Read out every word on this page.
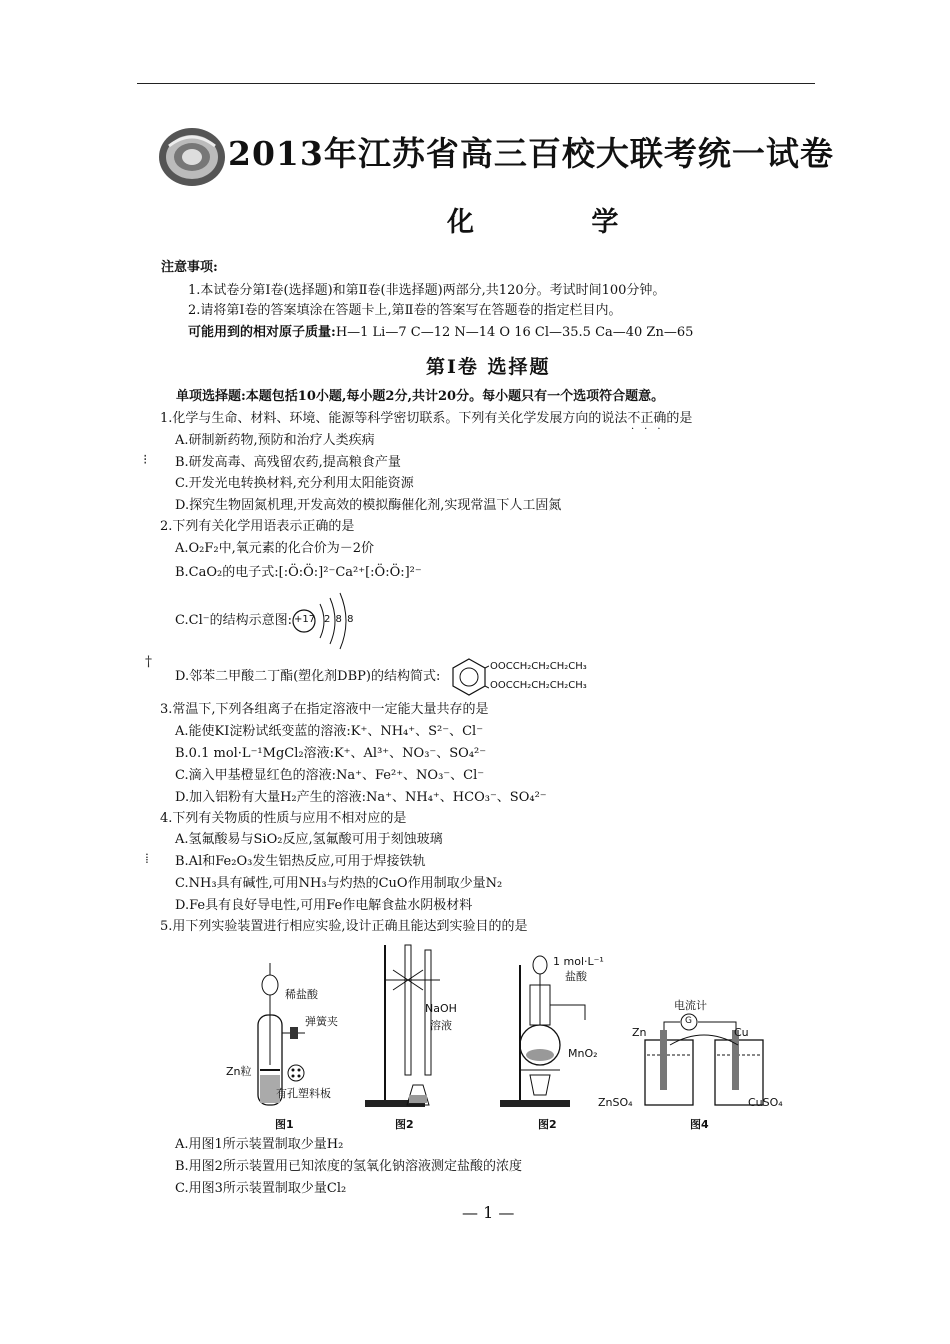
2013年江苏省高三百校大联考统一试卷
化 学
注意事项:
1.本试卷分第Ⅰ卷(选择题)和第Ⅱ卷(非选择题)两部分,共120分。考试时间100分钟。
2.请将第Ⅰ卷的答案填涂在答题卡上,第Ⅱ卷的答案写在答题卷的指定栏目内。
可能用到的相对原子质量:H—1 Li—7 C—12 N—14 O 16 Cl—35.5 Ca—40 Zn—65
第Ⅰ卷 选择题
单项选择题:本题包括10小题,每小题2分,共计20分。每小题只有一个选项符合题意。
1.化学与生命、材料、环境、能源等科学密切联系。下列有关化学发展方向的说法不正确的是
···
A.研制新药物,预防和治疗人类疾病
⁝ B.研发高毒、高残留农药,提高粮食产量
C.开发光电转换材料,充分利用太阳能资源
D.探究生物固氮机理,开发高效的模拟酶催化剂,实现常温下人工固氮
2.下列有关化学用语表示正确的是
A.O₂F₂中,氧元素的化合价为－2价
B.CaO₂的电子式:[:Ö:Ö:]²⁻Ca²⁺[:Ö:Ö:]²⁻
C.Cl⁻的结构示意图: +17 2 8 8
†
D.邻苯二甲酸二丁酯(塑化剂DBP)的结构简式:
OOCCH₂CH₂CH₂CH₃
OOCCH₂CH₂CH₂CH₃
3.常温下,下列各组离子在指定溶液中一定能大量共存的是
A.能使KI淀粉试纸变蓝的溶液:K⁺、NH₄⁺、S²⁻、Cl⁻
B.0.1 mol·L⁻¹MgCl₂溶液:K⁺、Al³⁺、NO₃⁻、SO₄²⁻
C.滴入甲基橙显红色的溶液:Na⁺、Fe²⁺、NO₃⁻、Cl⁻
D.加入铝粉有大量H₂产生的溶液:Na⁺、NH₄⁺、HCO₃⁻、SO₄²⁻
4.下列有关物质的性质与应用不相对应的是
A.氢氟酸易与SiO₂反应,氢氟酸可用于刻蚀玻璃
⁞ B.Al和Fe₂O₃发生铝热反应,可用于焊接铁轨
C.NH₃具有碱性,可用NH₃与灼热的CuO作用制取少量N₂
D.Fe具有良好导电性,可用Fe作电解食盐水阴极材料
5.用下列实验装置进行相应实验,设计正确且能达到实验目的的是
稀盐酸
弹簧夹
Zn粒
有孔塑料板
图1
NaOH
溶液
图2
1 mol·L⁻¹
盐酸
MnO₂
图2
电流计
G
Zn	Cu
ZnSO₄	CuSO₄
图4
A.用图1所示装置制取少量H₂
B.用图2所示装置用已知浓度的氢氧化钠溶液测定盐酸的浓度
C.用图3所示装置制取少量Cl₂
— 1 —
